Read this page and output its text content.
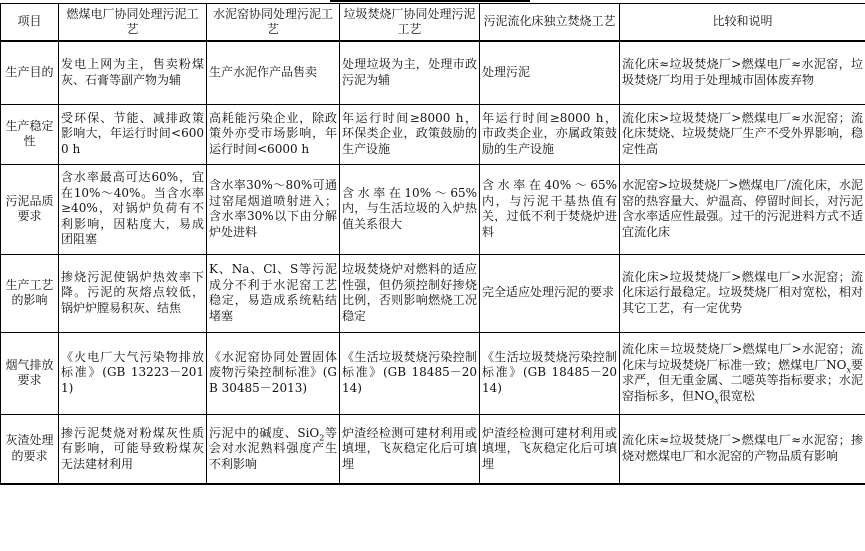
项目	燃煤电厂协同处理污泥工艺	水泥窑协同处理污泥工艺	垃圾焚烧厂协同处理污泥工艺	污泥流化床独立焚烧工艺	比较和说明
生产目的	发电上网为主，售卖粉煤灰、石膏等副产物为辅	生产水泥作产品售卖	处理垃圾为主，处理市政污泥为辅	处理污泥	流化床≈垃圾焚烧厂>燃煤电厂≈水泥窑，垃圾焚烧厂均用于处理城市固体废弃物
生产稳定性	受环保、节能、减排政策影响大，年运行时间<6000 h	高耗能污染企业，除政策外亦受市场影响，年运行时间<6000 h	年运行时间≥8000 h，环保类企业，政策鼓励的生产设施	年运行时间≥8000 h，市政类企业，亦属政策鼓励的生产设施	流化床>垃圾焚烧厂>燃煤电厂≈水泥窑；流化床焚烧、垃圾焚烧厂生产不受外界影响，稳定性高
污泥品质要求	含水率最高可达60%，宜在10%～40%。当含水率≥40%，对锅炉负荷有不利影响，因粘度大，易成团阻塞	含水率30%～80%可通过窑尾烟道喷射进入；含水率30%以下由分解炉处进料	含水率在10%～65%内，与生活垃圾的入炉热值关系很大	含水率在40%～65%内，与污泥干基热值有关，过低不利于焚烧炉进料	水泥窑>垃圾焚烧厂>燃煤电厂/流化床，水泥窑的热容量大、炉温高、停留时间长，对污泥含水率适应性最强。过干的污泥进料方式不适宜流化床
生产工艺的影响	掺烧污泥使锅炉热效率下降。污泥的灰熔点较低，锅炉炉膛易积灰、结焦	K、Na、Cl、S等污泥成分不利于水泥窑工艺稳定，易造成系统粘结堵塞	垃圾焚烧炉对燃料的适应性强，但仍须控制好掺烧比例，否则影响燃烧工况稳定	完全适应处理污泥的要求	流化床>垃圾焚烧厂>燃煤电厂>水泥窑；流化床运行最稳定。垃圾焚烧厂相对宽松，相对其它工艺，有一定优势
烟气排放要求	《火电厂大气污染物排放标准》(GB 13223－2011)	《水泥窑协同处置固体废物污染控制标准》(GB 30485－2013)	《生活垃圾焚烧污染控制标准》(GB 18485－2014)	《生活垃圾焚烧污染控制标准》(GB 18485－2014)	流化床＝垃圾焚烧厂>燃煤电厂>水泥窑；流化床与垃圾焚烧厂标准一致；燃煤电厂$NO_x$要求严，但无重金属、二噁英等指标要求；水泥窑指标多，但$NO_x$很宽松
灰渣处理的要求	掺污泥焚烧对粉煤灰性质有影响，可能导致粉煤灰无法建材利用	污泥中的碱度、SiO$_2$等会对水泥熟料强度产生不利影响	炉渣经检测可建材利用或填埋，飞灰稳定化后可填埋	炉渣经检测可建材利用或填埋，飞灰稳定化后可填埋	流化床≈垃圾焚烧厂>燃煤电厂≈水泥窑；掺烧对燃煤电厂和水泥窑的产物品质有影响
